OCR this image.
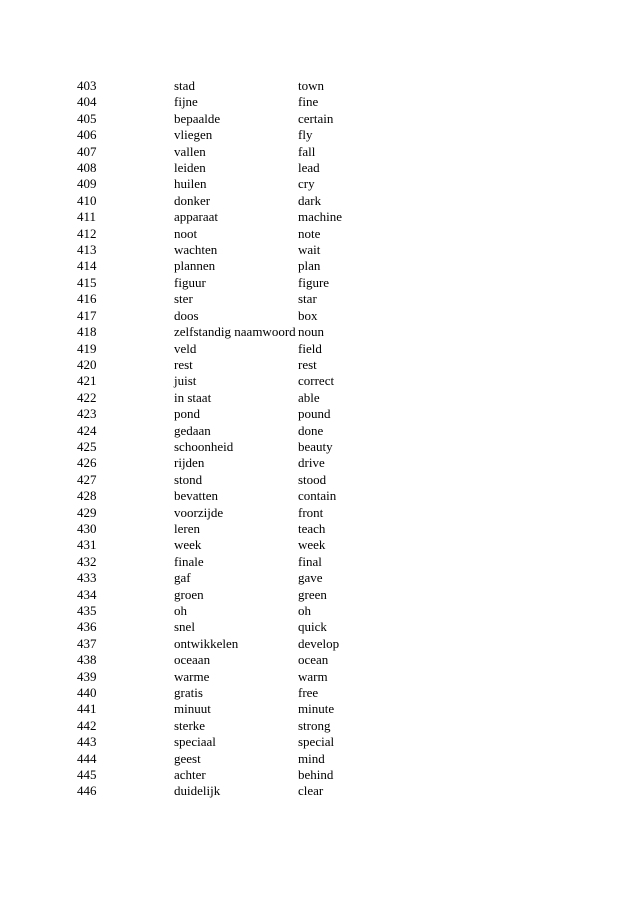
403	stad	town
404	fijne	fine
405	bepaalde	certain
406	vliegen	fly
407	vallen	fall
408	leiden	lead
409	huilen	cry
410	donker	dark
411	apparaat	machine
412	noot	note
413	wachten	wait
414	plannen	plan
415	figuur	figure
416	ster	star
417	doos	box
418	zelfstandig naamwoord	noun
419	veld	field
420	rest	rest
421	juist	correct
422	in staat	able
423	pond	pound
424	gedaan	done
425	schoonheid	beauty
426	rijden	drive
427	stond	stood
428	bevatten	contain
429	voorzijde	front
430	leren	teach
431	week	week
432	finale	final
433	gaf	gave
434	groen	green
435	oh	oh
436	snel	quick
437	ontwikkelen	develop
438	oceaan	ocean
439	warme	warm
440	gratis	free
441	minuut	minute
442	sterke	strong
443	speciaal	special
444	geest	mind
445	achter	behind
446	duidelijk	clear
